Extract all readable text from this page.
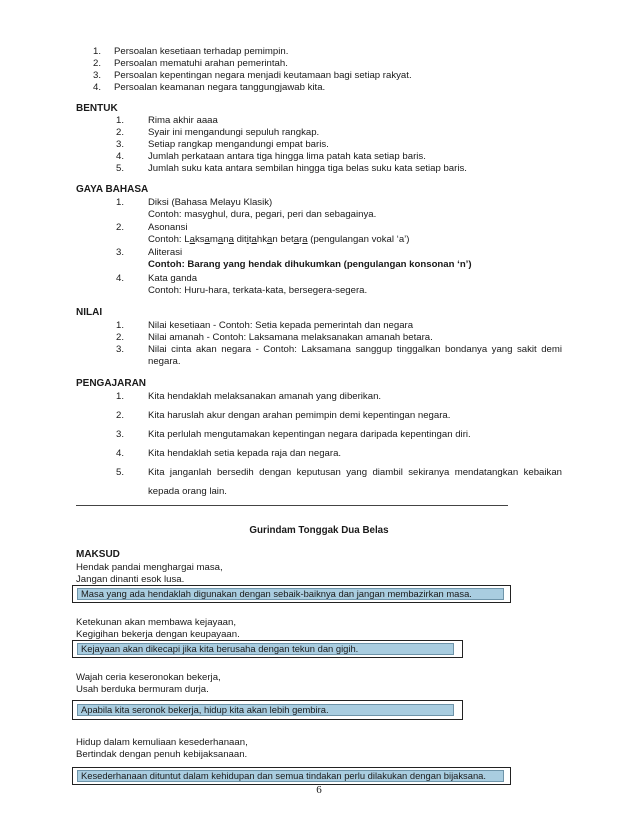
1. Persoalan kesetiaan terhadap pemimpin.
2. Persoalan mematuhi arahan pemerintah.
3. Persoalan kepentingan negara menjadi keutamaan bagi setiap rakyat.
4. Persoalan keamanan negara tanggungjawab kita.
BENTUK
1. Rima akhir aaaa
2. Syair ini mengandungi sepuluh rangkap.
3. Setiap rangkap mengandungi empat baris.
4. Jumlah perkataan antara tiga hingga lima patah kata setiap baris.
5. Jumlah suku kata antara sembilan hingga tiga belas suku kata setiap baris.
GAYA BAHASA
1. Diksi (Bahasa Melayu Klasik)
Contoh: masyghul, dura, pegari, peri dan sebagainya.
2. Asonansi
Contoh: Laksamana dititahkan betara (pengulangan vokal ‘a’)
3. Aliterasi
Contoh: Barang yang hendak dihukumkan (pengulangan konsonan ‘n’)
4. Kata ganda
Contoh: Huru-hara, terkata-kata, bersegera-segera.
NILAI
1. Nilai kesetiaan - Contoh: Setia kepada pemerintah dan negara
2. Nilai amanah - Contoh: Laksamana melaksanakan amanah betara.
3. Nilai cinta akan negara - Contoh: Laksamana sanggup tinggalkan bondanya yang sakit demi
negara.
PENGAJARAN
1. Kita hendaklah melaksanakan amanah yang diberikan.
2. Kita haruslah akur dengan arahan pemimpin demi kepentingan negara.
3. Kita perlulah mengutamakan kepentingan negara daripada kepentingan diri.
4. Kita hendaklah setia kepada raja dan negara.
5. Kita janganlah bersedih dengan keputusan yang diambil sekiranya mendatangkan kebaikan
kepada orang lain.
Gurindam Tonggak Dua Belas
MAKSUD
Hendak pandai menghargai masa,
Jangan dinanti esok lusa.
Masa yang ada hendaklah digunakan dengan sebaik-baiknya dan jangan membazirkan masa.
Ketekunan akan membawa kejayaan,
Kegigihan bekerja dengan keupayaan.
Kejayaan akan dikecapi jika kita berusaha dengan tekun dan gigih.
Wajah ceria keseronokan bekerja,
Usah berduka bermuram durja.
Apabila kita seronok bekerja, hidup kita akan lebih gembira.
Hidup dalam kemuliaan kesederhanaan,
Bertindak dengan penuh kebijaksanaan.
Kesederhanaan dituntut dalam kehidupan dan semua tindakan perlu dilakukan dengan bijaksana.
6
